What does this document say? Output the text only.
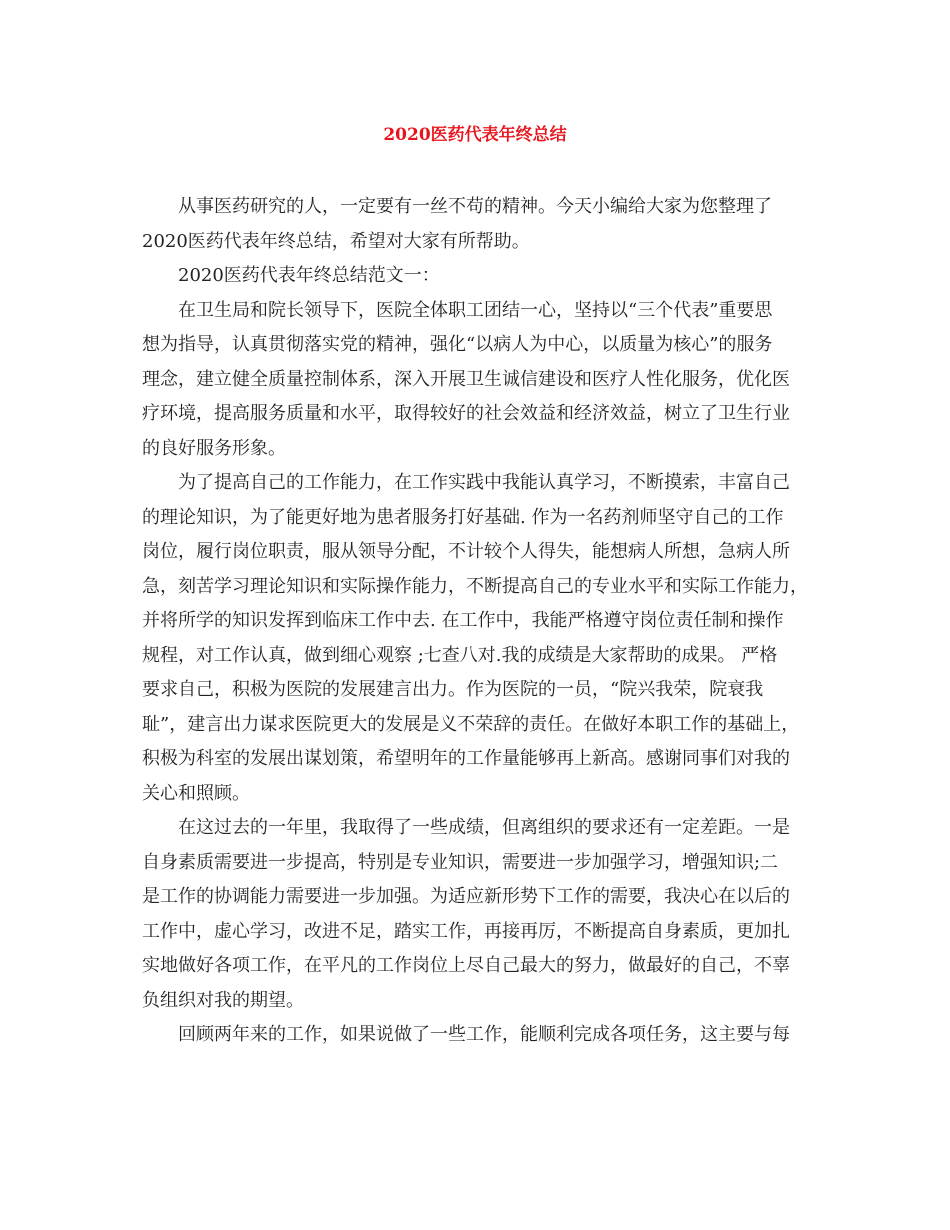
2020医药代表年终总结
从事医药研究的人，一定要有一丝不苟的精神。今天小编给大家为您整理了
2020医药代表年终总结，希望对大家有所帮助。
2020医药代表年终总结范文一：
在卫生局和院长领导下，医院全体职工团结一心，坚持以“三个代表”重要思
想为指导，认真贯彻落实党的精神，强化“以病人为中心，以质量为核心”的服务
理念，建立健全质量控制体系，深入开展卫生诚信建设和医疗人性化服务，优化医
疗环境，提高服务质量和水平，取得较好的社会效益和经济效益，树立了卫生行业
的良好服务形象。
为了提高自己的工作能力，在工作实践中我能认真学习，不断摸索，丰富自己
的理论知识，为了能更好地为患者服务打好基础. 作为一名药剂师坚守自己的工作
岗位，履行岗位职责，服从领导分配，不计较个人得失，能想病人所想，急病人所
急，刻苦学习理论知识和实际操作能力，不断提高自己的专业水平和实际工作能力，
并将所学的知识发挥到临床工作中去. 在工作中，我能严格遵守岗位责任制和操作
规程，对工作认真，做到细心观察 ;七查八对.我的成绩是大家帮助的成果。 严格
要求自己，积极为医院的发展建言出力。作为医院的一员，“院兴我荣，院衰我
耻”，建言出力谋求医院更大的发展是义不荣辞的责任。在做好本职工作的基础上，
积极为科室的发展出谋划策，希望明年的工作量能够再上新高。感谢同事们对我的
关心和照顾。
在这过去的一年里，我取得了一些成绩，但离组织的要求还有一定差距。一是
自身素质需要进一步提高，特别是专业知识，需要进一步加强学习，增强知识;二
是工作的协调能力需要进一步加强。为适应新形势下工作的需要，我决心在以后的
工作中，虚心学习，改进不足，踏实工作，再接再厉，不断提高自身素质，更加扎
实地做好各项工作，在平凡的工作岗位上尽自己最大的努力，做最好的自己，不辜
负组织对我的期望。
回顾两年来的工作，如果说做了一些工作，能顺利完成各项任务，这主要与每
